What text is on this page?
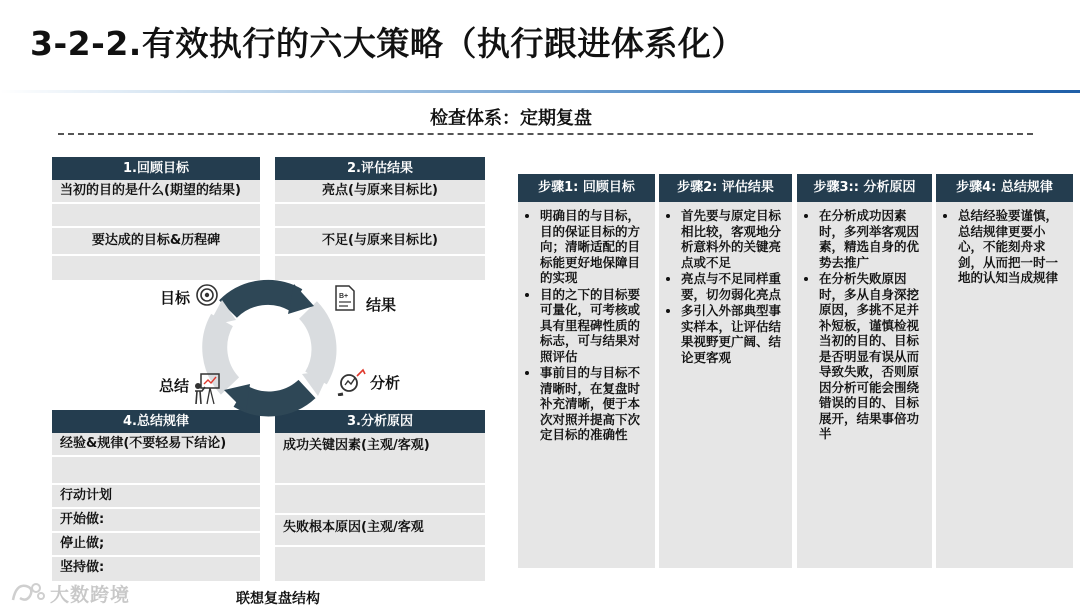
3-2-2.有效执行的六大策略（执行跟进体系化）
检查体系：定期复盘
1.回顾目标
当初的目的是什么(期望的结果)
要达成的目标&历程碑
2.评估结果
亮点(与原来目标比)
不足(与原来目标比)
4.总结规律
经验&规律(不要轻易下结论)
行动计划
开始做:
停止做;
坚持做:
3.分析原因
成功关键因素(主观/客观)
失败根本原因(主观/客观
目标	B+ 结果
分析
总结
联想复盘结构
大数跨境
步骤1: 回顾目标
• 明确目的与目标，目的保证目标的方向；清晰适配的目标能更好地保障目的实现
• 目的之下的目标要可量化，可考核或具有里程碑性质的标志，可与结果对照评估
• 事前目的与目标不清晰时，在复盘时补充清晰，便于本次对照并提高下次定目标的准确性
步骤2: 评估结果
• 首先要与原定目标相比较，客观地分析意料外的关键亮点或不足
• 亮点与不足同样重要，切勿弱化亮点
• 多引入外部典型事实样本，让评估结果视野更广阔、结论更客观
步骤3:: 分析原因
• 在分析成功因素时，多列举客观因素，精选自身的优势去推广
• 在分析失败原因时，多从自身深挖原因，多挑不足并补短板，谨慎检视当初的目的、目标是否明显有误从而导致失败，否则原因分析可能会围绕错误的目的、目标展开，结果事倍功半
步骤4: 总结规律
• 总结经验要谨慎，总结规律更要小心，不能刻舟求剑，从而把一时一地的认知当成规律
